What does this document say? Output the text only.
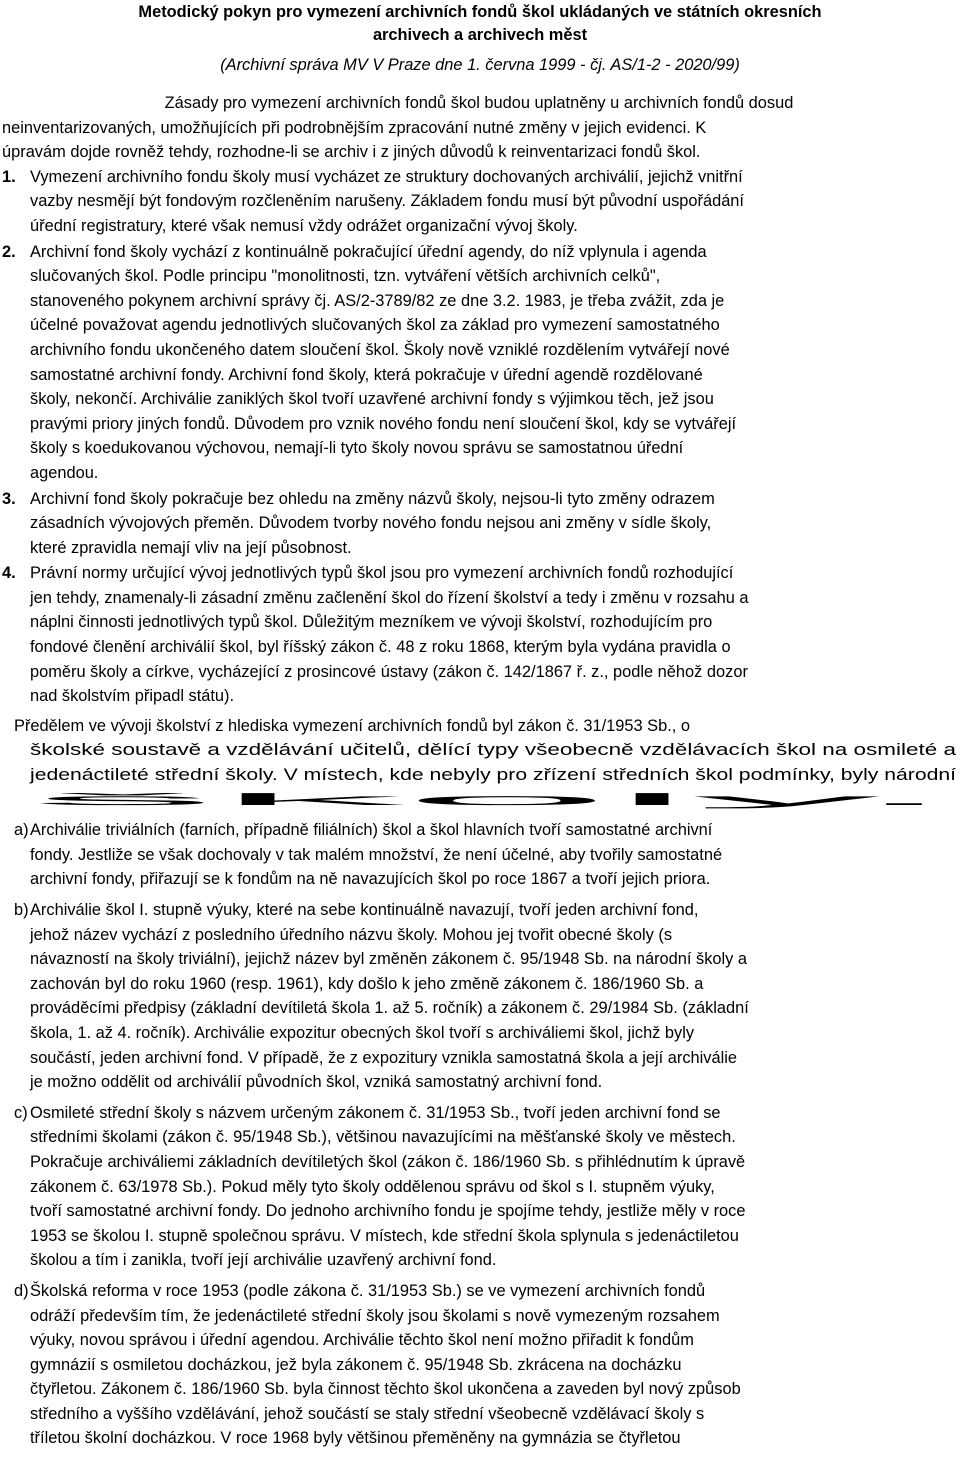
Metodický pokyn pro vymezení archivních fondů škol ukládaných ve státních okresních
archivech a archivech měst
(Archivní správa MV V Praze dne 1. června 1999 - čj. AS/1-2 - 2020/99)
Zásady pro vymezení archivních fondů škol budou uplatněny u archivních fondů dosud
neinventarizovaných, umožňujících při podrobnějším zpracování nutné změny v jejich evidenci. K
úpravám dojde rovněž tehdy, rozhodne-li se archiv i z jiných důvodů k reinventarizaci fondů škol.
1. Vymezení archivního fondu školy musí vycházet ze struktury dochovaných archiválií, jejichž vnitřní
vazby nesmějí být fondovým rozčleněním narušeny. Základem fondu musí být původní uspořádání
úřední registratury, které však nemusí vždy odrážet organizační vývoj školy.
2. Archivní fond školy vychází z kontinuálně pokračující úřední agendy, do níž vplynula i agenda
slučovaných škol. Podle principu "monolitnosti, tzn. vytváření větších archivních celků",
stanoveného pokynem archivní správy čj. AS/2-3789/82 ze dne 3.2. 1983, je třeba zvážit, zda je
účelné považovat agendu jednotlivých slučovaných škol za základ pro vymezení samostatného
archivního fondu ukončeného datem sloučení škol. Školy nově vzniklé rozdělením vytvářejí nové
samostatné archivní fondy. Archivní fond školy, která pokračuje v úřední agendě rozdělované
školy, nekončí. Archiválie zaniklých škol tvoří uzavřené archivní fondy s výjimkou těch, jež jsou
pravými priory jiných fondů. Důvodem pro vznik nového fondu není sloučení škol, kdy se vytvářejí
školy s koedukovanou výchovou, nemají-li tyto školy novou správu se samostatnou úřední
agendou.
3. Archivní fond školy pokračuje bez ohledu na změny názvů školy, nejsou-li tyto změny odrazem
zásadních vývojových přeměn. Důvodem tvorby nového fondu nejsou ani změny v sídle školy,
které zpravidla nemají vliv na její působnost.
4. Právní normy určující vývoj jednotlivých typů škol jsou pro vymezení archivních fondů rozhodující
jen tehdy, znamenaly-li zásadní změnu začlenění škol do řízení školství a tedy i změnu v rozsahu a
náplni činnosti jednotlivých typů škol. Důležitým mezníkem ve vývoji školství, rozhodujícím pro
fondové členění archiválií škol, byl říšský zákon č. 48 z roku 1868, kterým byla vydána pravidla o
poměru školy a církve, vycházející z prosincové ústavy (zákon č. 142/1867 ř. z., podle něhož dozor
nad školstvím připadl státu).
Předělem ve vývoji školství z hlediska vymezení archivních fondů byl zákon č. 31/1953 Sb., o
školské soustavě a vzdělávání učitelů, dělící typy všeobecně vzdělávacích škol na osmileté a
jedenáctileté střední školy. V místech, kde nebyly pro zřízení středních škol podmínky, byly národní
školy.
a) Archiválie triviálních (farních, případně filiálních) škol a škol hlavních tvoří samostatné archivní
fondy. Jestliže se však dochovaly v tak malém množství, že není účelné, aby tvořily samostatné
archivní fondy, přiřazují se k fondům na ně navazujících škol po roce 1867 a tvoří jejich priora.
b) Archiválie škol I. stupně výuky, které na sebe kontinuálně navazují, tvoří jeden archivní fond,
jehož název vychází z posledního úředního názvu školy. Mohou jej tvořit obecné školy (s
návazností na školy triviální), jejichž název byl změněn zákonem č. 95/1948 Sb. na národní školy a
zachován byl do roku 1960 (resp. 1961), kdy došlo k jeho změně zákonem č. 186/1960 Sb. a
prováděcími předpisy (základní devítiletá škola 1. až 5. ročník) a zákonem č. 29/1984 Sb. (základní
škola, 1. až 4. ročník). Archiválie expozitur obecných škol tvoří s archiváliemi škol, jichž byly
součástí, jeden archivní fond. V případě, že z expozitury vznikla samostatná škola a její archiválie
je možno oddělit od archiválií původních škol, vzniká samostatný archivní fond.
c) Osmileté střední školy s názvem určeným zákonem č. 31/1953 Sb., tvoří jeden archivní fond se
středními školami (zákon č. 95/1948 Sb.), většinou navazujícími na měšťanské školy ve městech.
Pokračuje archiváliemi základních devítiletých škol (zákon č. 186/1960 Sb. s přihlédnutím k úpravě
zákonem č. 63/1978 Sb.). Pokud měly tyto školy oddělenou správu od škol s I. stupněm výuky,
tvoří samostatné archivní fondy. Do jednoho archivního fondu je spojíme tehdy, jestliže měly v roce
1953 se školou I. stupně společnou správu. V místech, kde střední škola splynula s jedenáctiletou
školou a tím i zanikla, tvoří její archiválie uzavřený archivní fond.
d) Školská reforma v roce 1953 (podle zákona č. 31/1953 Sb.) se ve vymezení archivních fondů
odráží především tím, že jedenáctileté střední školy jsou školami s nově vymezeným rozsahem
výuky, novou správou i úřední agendou. Archiválie těchto škol není možno přiřadit k fondům
gymnázií s osmiletou docházkou, jež byla zákonem č. 95/1948 Sb. zkrácena na docházku
čtyřletou. Zákonem č. 186/1960 Sb. byla činnost těchto škol ukončena a zaveden byl nový způsob
středního a vyššího vzdělávání, jehož součástí se staly střední všeobecně vzdělávací školy s
tříletou školní docházkou. V roce 1968 byly většinou přeměněny na gymnázia se čtyřletou
